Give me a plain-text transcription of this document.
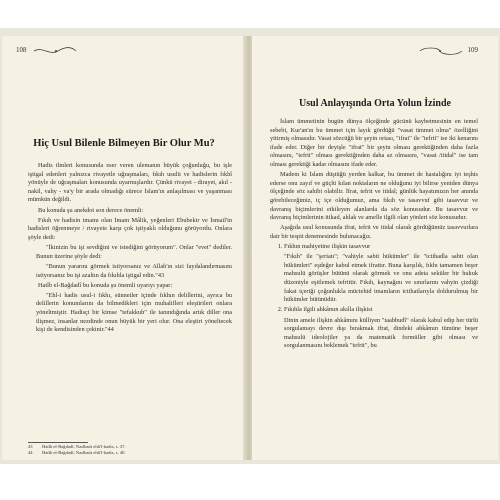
108
Hiç Usul Bilenle Bilmeyen Bir Olur Mu?

Hadis ilmleri konusunda eser veren ulemanın büyük çoğunluğu, bu işle iştigal edenleri yalnızca rivayetle uğraşmaları, fıkıh usulü ve hadislerin fıkhî yönüyle de uğraşmaları konusunda uyarmışlardır. Çünkü rivayet - dirayet, akıl - nakil, vahy - va'y bir arada olmadığı sürece İslam'ın anlaşılması ve yaşanması mümkün değildi.

Bu konuda şu anekdot son derece önemli:

Fıkıh ve hadisin imamı olan İmam Mâlik, yeğenleri Ebubekir ve İsmail'in hadisleri öğrenmeye / rivayete karşı çok iştiyaklı olduğunu görüyordu. Onlara şöyle dedi:

"İkinizin bu işi sevdiğini ve istediğini görüyorum". Onlar "evet" dediler. Bunun üzerine şöyle dedi:

"Bunun yararını görmek istiyorsanız ve Allah'ın sizi faydalandırmasını istiyorsanız bu işi azaltın da fıkıhla iştigal edin."43

Hatîb el-Bağdadî bu konuda şu önemli uyarıyı yapar:

"Ehl-i hadis usul-i fıkhı, sünnetler içinde fıkhın delillerini, ayrıca bu delillerin konumlarını da bilmedikleri için muhalifleri eleştirileri onlara yöneltmiştir. Hadisçi bir kimse "tefakkuh" ile tanındığında artık diller ona ilişmez, insanlar nezdinde onun büyük bir yeri olur. Ona eleştiri yöneltecek kişi de kendisinden çekinir."44

43	Hatîb el-Bağdadî, Nasîhatü ehli'l-hadis, s. 37.
44	Hatîb el-Bağdadî, Nasîhatü ehli'l-hadis, s. 40.
109
Usul Anlayışında Orta Yolun İzinde

İslam ümmetinin bugün dünya ölçeğinde gücünü kaybetmesinin en temel sebebi, Kur'an'ın bu ümmet için layık gördüğü "vasat ümmet olma" özelliğini yitirmiş olmasıdır. Vasat sözcüğü bir şeyin ortası, "ifrat" ile "tefrit" ise iki kenarını ifade eder. Diğer bir deyişle "ifrat" bir şeyin olması gerektiğinden daha fazla olmasını, "tefrit" olması gerektiğinden daha az olmasını, "vasat /itidal" ise tam olması gerektiği kadar olmasını ifade eder.

Madem ki İslam düştüğü yerden kalkar, bu ümmet de hastalığını iyi teşhis ederse onu zayıf ve güçlü kılan noktaların ne olduğunu iyi bilirse yeniden dünya ölçeğinde söz sahibi olabilir. İfrat, tefrit ve itidal; günlük hayatımızın her anında görebileceğimiz, iç içe olduğumuz, ama fıkıh ve tasavvuf gibi tasavvur ve davranış biçimlerini etkileyen alanlarda da söz konusudur. Bu tasavvur ve davranış biçimlerinin itikad, ahlak ve amelle ilgili olan yönleri söz konusudur.

Aşağıda usul konusunda ifrat, tefrit ve itidal olarak gördüğümüz tasavvurlara dair bir tespit denemesinde bulunacağız.

1. Fıkhın mahiyetine ilişkin tasavvur

"Fıkıh" ile "şeriatı"; "vahiyle sabit hükümler" ile "ictihadla sabit olan hükümleri" eşdeğer kabul etmek ifrattır. Buna karşılık, fıkhı tamamen beşer mahsulü görüşler bütünü olarak görmek ve onu adeta seküler bir hukuk düzeniyle eşitlemek tefrittir. Fıkıh, kaynağını ve sınırlarını vahyin çizdiği fakat içeriği çoğunlukla müctehid imamların ictihatlarıyla doldurulmuş bir hükümler bütünüdür.

2. Fıkıhla ilgili ahkâmın akılla ilişkisi

Dinin amele ilişkin ahkâmını külliyen "taabbudî" olarak kabul edip her türlü sorgulamayı devre dışı bırakmak ifrat, dindeki ahkâmın tümüne beşer mahsulü ideolojiler ya da matematik formüller gibi olması ve sorgulanmasını beklemek "tefrit", bu
